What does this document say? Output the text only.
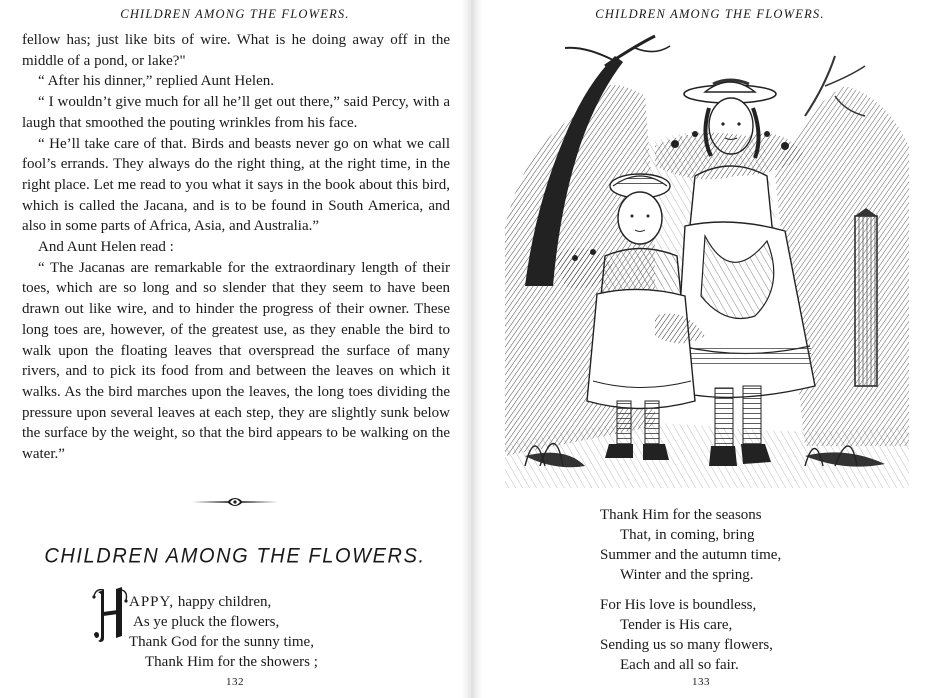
CHILDREN AMONG THE FLOWERS.

fellow has; just like bits of wire. What is he doing away off in the middle of a pond, or lake?"

“ After his dinner,” replied Aunt Helen.

“ I wouldn’t give much for all he’ll get out there,” said Percy, with a laugh that smoothed the pouting wrinkles from his face.

“ He’ll take care of that. Birds and beasts never go on what we call fool’s errands. They always do the right thing, at the right time, in the right place. Let me read to you what it says in the book about this bird, which is called the Jacana, and is to be found in South America, and also in some parts of Africa, Asia, and Australia.”

And Aunt Helen read :

“ The Jacanas are remarkable for the extraordinary length of their toes, which are so long and so slender that they seem to have been drawn out like wire, and to hinder the progress of their owner. These long toes are, however, of the greatest use, as they enable the bird to walk upon the floating leaves that overspread the surface of many rivers, and to pick its food from and between the leaves on which it walks. As the bird marches upon the leaves, the long toes dividing the pressure upon several leaves at each step, they are slightly sunk below the surface by the weight, so that the bird appears to be walking on the water.”

CHILDREN AMONG THE FLOWERS.
APPY, happy children,
As ye pluck the flowers,
Thank God for the sunny time,
Thank Him for the showers ;
132
CHILDREN AMONG THE FLOWERS.
Thank Him for the seasons
That, in coming, bring
Summer and the autumn time,
Winter and the spring.
For His love is boundless,
Tender is His care,
Sending us so many flowers,
Each and all so fair.
133
